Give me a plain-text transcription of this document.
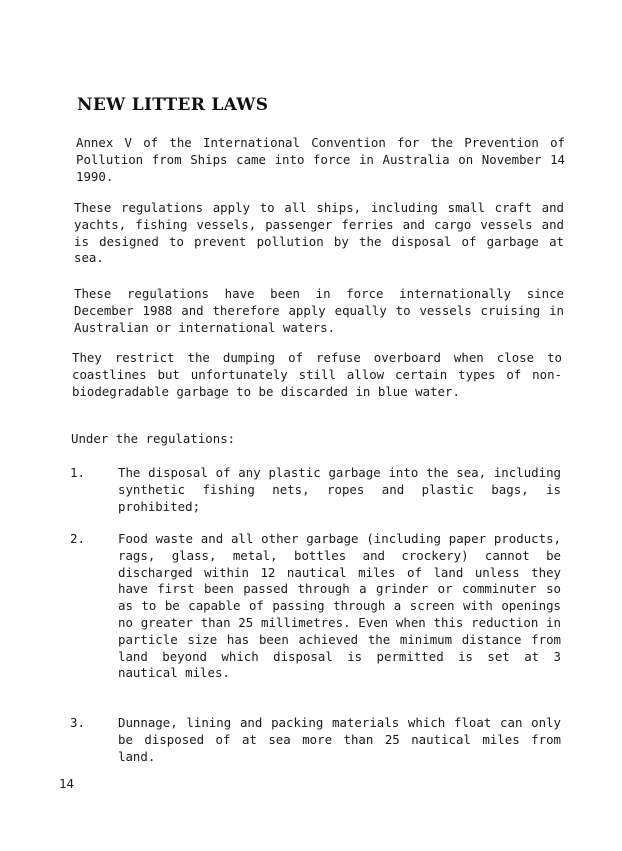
NEW LITTER LAWS

Annex V of the International Convention for the Prevention of Pollution from Ships came into force in Australia on November 14 1990.

These regulations apply to all ships, including small craft and yachts, fishing vessels, passenger ferries and cargo vessels and is designed to prevent pollution by the disposal of garbage at sea.

These regulations have been in force internationally since December 1988 and therefore apply equally to vessels cruising in Australian or international waters.

They restrict the dumping of refuse overboard when close to coastlines but unfortunately still allow certain types of non-biodegradable garbage to be discarded in blue water.

Under the regulations:

1.	The disposal of any plastic garbage into the sea, including synthetic fishing nets, ropes and plastic bags, is prohibited;

2.	Food waste and all other garbage (including paper products, rags, glass, metal, bottles and crockery) cannot be discharged within 12 nautical miles of land unless they have first been passed through a grinder or comminuter so as to be capable of passing through a screen with openings no greater than 25 millimetres. Even when this reduction in particle size has been achieved the minimum distance from land beyond which disposal is permitted is set at 3 nautical miles.

3.	Dunnage, lining and packing materials which float can only be disposed of at sea more than 25 nautical miles from land.

14
